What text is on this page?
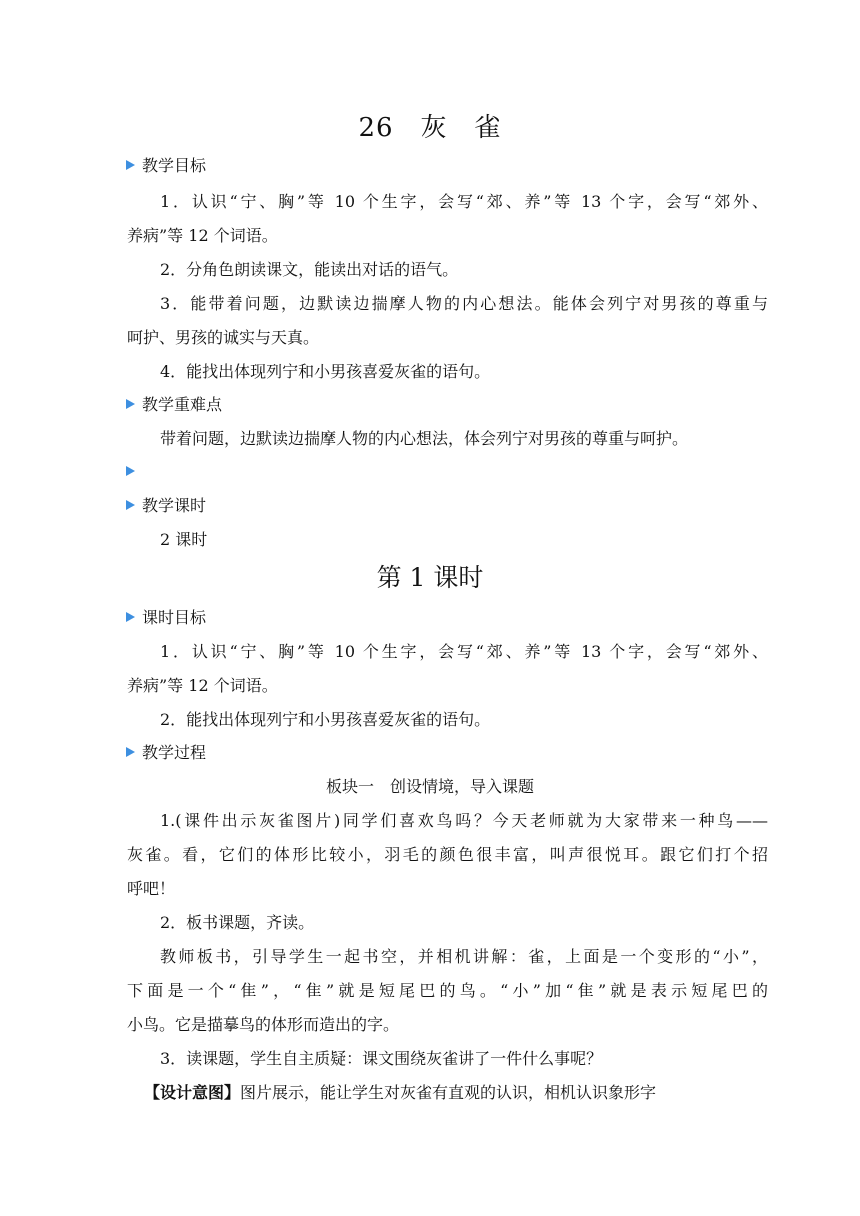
26　灰　雀
教学目标
1．认识“宁、胸”等 10 个生字，会写“郊、养”等 13 个字，会写“郊外、
养病”等 12 个词语。
2．分角色朗读课文，能读出对话的语气。
3．能带着问题，边默读边揣摩人物的内心想法。能体会列宁对男孩的尊重与
呵护、男孩的诚实与天真。
4．能找出体现列宁和小男孩喜爱灰雀的语句。
教学重难点
带着问题，边默读边揣摩人物的内心想法，体会列宁对男孩的尊重与呵护。
教学课时
2 课时
第 1 课时
课时目标
1．认识“宁、胸”等 10 个生字，会写“郊、养”等 13 个字，会写“郊外、
养病”等 12 个词语。
2．能找出体现列宁和小男孩喜爱灰雀的语句。
教学过程
板块一　创设情境，导入课题
1.(课件出示灰雀图片)同学们喜欢鸟吗？今天老师就为大家带来一种鸟——
灰雀。看，它们的体形比较小，羽毛的颜色很丰富，叫声很悦耳。跟它们打个招
呼吧！
2．板书课题，齐读。
教师板书，引导学生一起书空，并相机讲解：雀，上面是一个变形的“小”，
下面是一个“隹”，“隹”就是短尾巴的鸟。“小”加“隹”就是表示短尾巴的
小鸟。它是描摹鸟的体形而造出的字。
3．读课题，学生自主质疑：课文围绕灰雀讲了一件什么事呢？
【设计意图】图片展示，能让学生对灰雀有直观的认识，相机认识象形字
